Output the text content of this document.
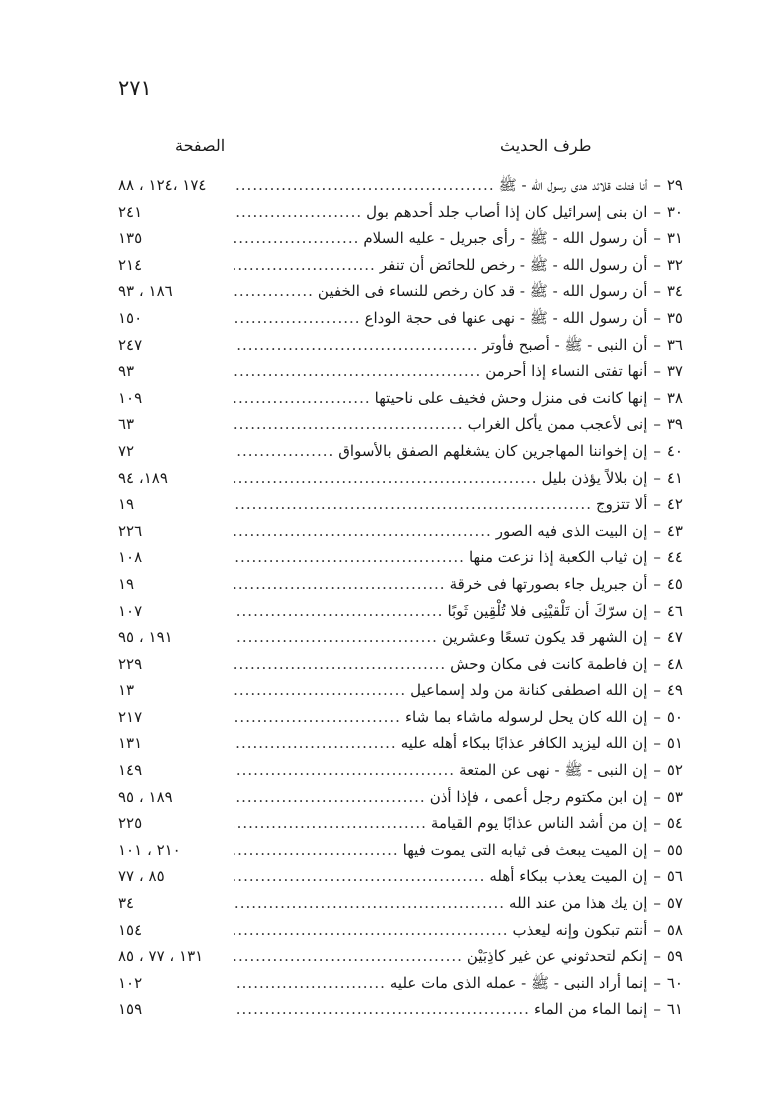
٢٧١
الصفحة	طرف الحديث
٢٩
–
أنا فتلت قلائد هدى رسول الله - ﷺ
.....
١٧٤ ،١٢٤ ، ٨٨
٣٠
–
ان بنى إسرائيل كان إذا أصاب جلد أحدهم بول
.....
٢٤١
٣١
–
أن رسول الله - ﷺ - رأى جبريل - عليه السلام
.....
١٣٥
٣٢
–
أن رسول الله - ﷺ - رخص للحائض أن تنفر
.....
٢١٤
٣٤
–
أن رسول الله - ﷺ - قد كان رخص للنساء فى الخفين
.....
١٨٦ ، ٩٣
٣٥
–
أن رسول الله - ﷺ - نهى عنها فى حجة الوداع
.....
١٥٠
٣٦
–
أن النبى - ﷺ - أصبح فأوتر
.....
٢٤٧
٣٧
–
أنها تفتى النساء إذا أحرمن
.....
٩٣
٣٨
–
إنها كانت فى منزل وحش فخيف على ناحيتها
.....
١٠٩
٣٩
–
إنى لأعجب ممن يأكل الغراب
.....
٦٣
٤٠
–
إن إخواننا المهاجرين كان يشغلهم الصفق بالأسواق
.....
٧٢
٤١
–
إن بلالاً يؤذن بليل
.....
١٨٩، ٩٤
٤٢
–
ألا تتزوج
.....
١٩
٤٣
–
إن البيت الذى فيه الصور
.....
٢٢٦
٤٤
–
إن ثياب الكعبة إذا نزعت منها
.....
١٠٨
٤٥
–
أن جبريل جاء بصورتها فى خرقة
.....
١٩
٤٦
–
إن سرّكَ أن تَلْقيْنِى فلا تُلْقِين ثَوبًا
.....
١٠٧
٤٧
–
إن الشهر قد يكون تسعًا وعشرين
.....
١٩١ ، ٩٥
٤٨
–
إن فاطمة كانت فى مكان وحش
.....
٢٢٩
٤٩
–
إن الله اصطفى كنانة من ولد إسماعيل
.....
١٣
٥٠
–
إن الله كان يحل لرسوله ماشاء بما شاء
.....
٢١٧
٥١
–
إن الله ليزيد الكافر عذابًا ببكاء أهله عليه
.....
١٣١
٥٢
–
إن النبى - ﷺ - نهى عن المتعة
.....
١٤٩
٥٣
–
إن ابن مكتوم رجل أعمى ، فإذا أذن
.....
١٨٩ ، ٩٥
٥٤
–
إن من أشد الناس عذابًا يوم القيامة
.....
٢٢٥
٥٥
–
إن الميت يبعث فى ثيابه التى يموت فيها
.....
٢١٠ ، ١٠١
٥٦
–
إن الميت يعذب ببكاء أهله
.....
٨٥ ، ٧٧
٥٧
–
إن يك هذا من عند الله
.....
٣٤
٥٨
–
أنتم تبكون وإنه ليعذب
.....
١٥٤
٥٩
–
إنكم لتحدثوني عن غير كاذِبَيْن
.....
١٣١ ، ٧٧ ، ٨٥
٦٠
–
إنما أراد النبى - ﷺ - عمله الذى مات عليه
.....
١٠٢
٦١
–
إنما الماء من الماء
.....
١٥٩
